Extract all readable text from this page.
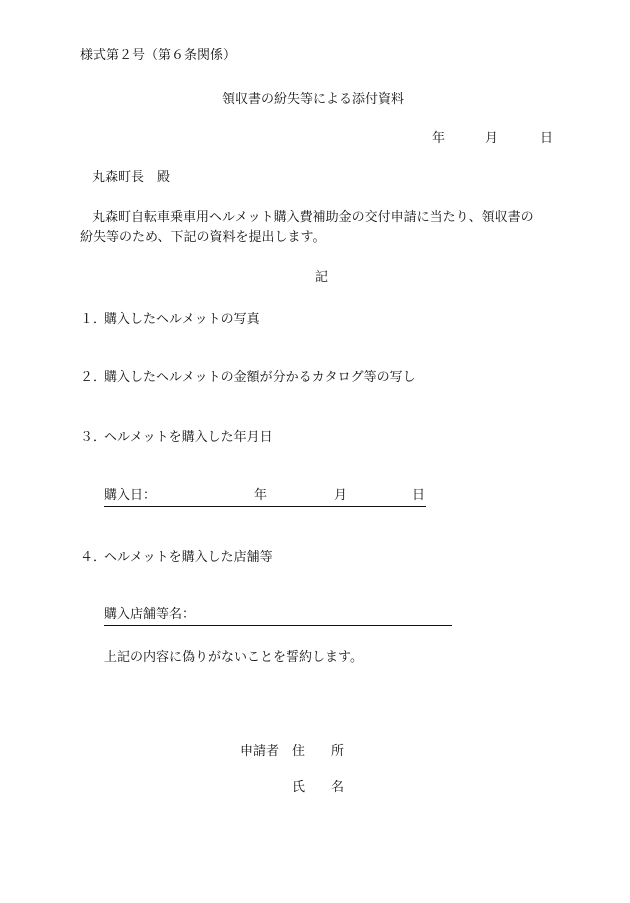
様式第２号（第６条関係）
領収書の紛失等による添付資料
年	月	日
丸森町長　殿
丸森町自転車乗車用ヘルメット購入費補助金の交付申請に当たり、領収書の
紛失等のため、下記の資料を提出します。
記
１．購入したヘルメットの写真
２．購入したヘルメットの金額が分かるカタログ等の写し
３．ヘルメットを購入した年月日
購入日：	年	月	日
４．ヘルメットを購入した店舗等
購入店舗等名：
上記の内容に偽りがないことを誓約します。
申請者 住　　所
氏　　名
